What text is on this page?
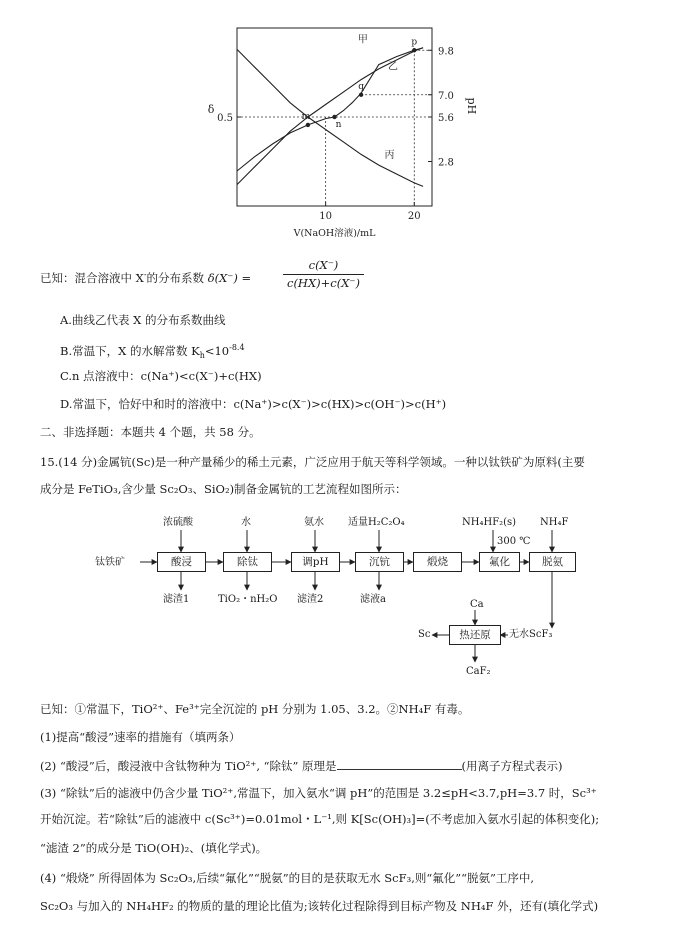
甲
乙
丙
m
n
q
p
10	20
V(NaOH溶液)/mL
0.5
δ
9.8
7.0
5.6
2.8
pH
已知：混合溶液中 X-的分布系数 δ(X⁻) =	$\frac{c(X^-)}{c(HX)+c(X^-)}$
A.曲线乙代表 X 的分布系数曲线
B.常温下，X 的水解常数 $K_h<10^{-8.4}$
C.n 点溶液中：c(Na⁺)<c(X⁻)+c(HX)
D.常温下，恰好中和时的溶液中：c(Na⁺)>c(X⁻)>c(HX)>c(OH⁻)>c(H⁺)
二、非选择题：本题共 4 个题，共 58 分。
15.(14 分)金属钪(Sc)是一种产量稀少的稀土元素，广泛应用于航天等科学领域。一种以钛铁矿为原料(主要
成分是 FeTiO₃,含少量 Sc₂O₃、SiO₂)制备金属钪的工艺流程如图所示：
钛铁矿
浓硫酸	水	氨水 适量H₂C₂O₄	NH₄HF₂(s) NH₄F
300 ℃
酸浸	除钛	调pH	沉钪	煅烧	氟化	脱氨
滤渣1	TiO₂・nH₂O 滤渣2	滤液a	Ca
热还原
Sc	无水ScF₃
CaF₂
已知：①常温下，TiO²⁺、Fe³⁺完全沉淀的 pH 分别为 1.05、3.2。②NH₄F 有毒。
(1)提高“酸浸”速率的措施有（填两条）
(2) “酸浸”后，酸浸液中含钛物种为 TiO²⁺, “除钛” 原理是	(用离子方程式表示)
(3) “除钛”后的滤液中仍含少量 TiO²⁺,常温下，加入氨水“调 pH”的范围是 3.2≤pH<3.7,pH=3.7 时，Sc³⁺
开始沉淀。若“除钛”后的滤液中 c(Sc³⁺)=0.01mol・L⁻¹,则 K[Sc(OH)₃]=(不考虑加入氨水引起的体积变化);
“滤渣 2”的成分是 TiO(OH)₂、(填化学式)。
(4) “煅烧” 所得固体为 Sc₂O₃,后续“氟化”“脱氨”的目的是获取无水 ScF₃,则“氟化”“脱氨”工序中,
Sc₂O₃ 与加入的 NH₄HF₂ 的物质的量的理论比值为;该转化过程除得到目标产物及 NH₄F 外，还有(填化学式)
